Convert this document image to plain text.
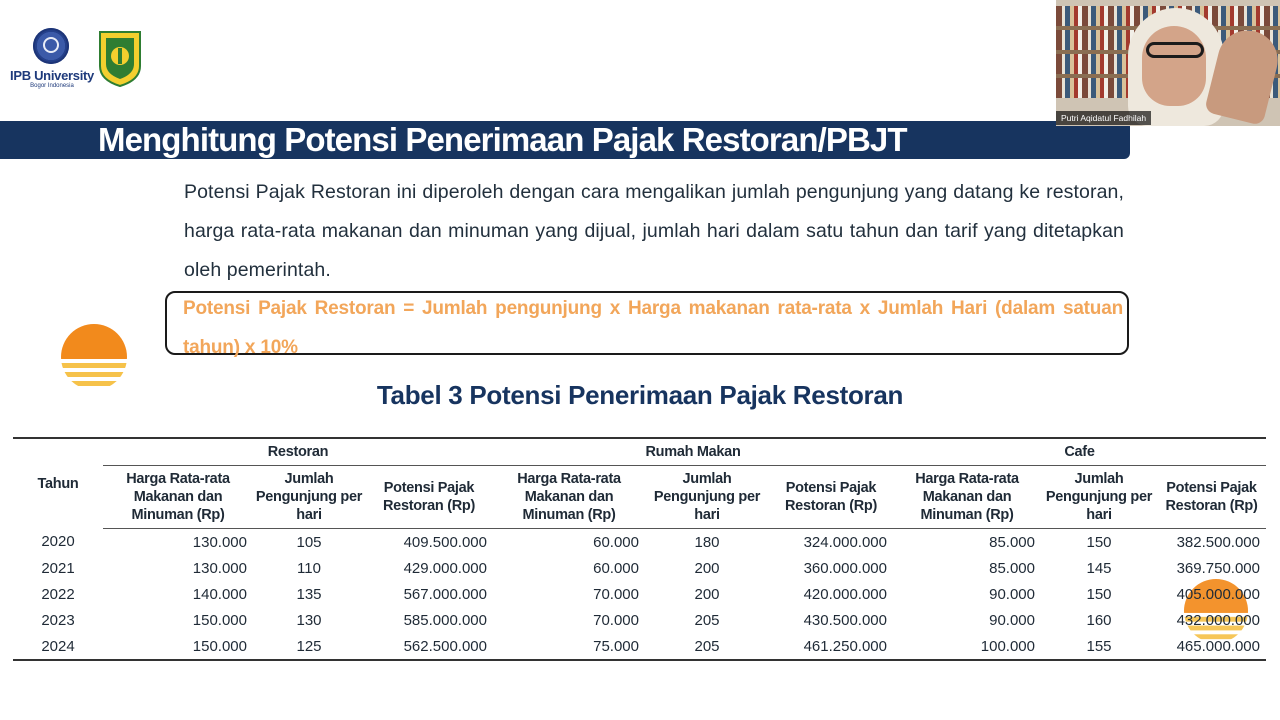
IPB University
Bogor Indonesia
Menghitung Potensi Penerimaan Pajak Restoran/PBJT
Potensi Pajak Restoran ini diperoleh dengan cara mengalikan jumlah pengunjung yang datang ke restoran, harga rata-rata makanan dan minuman yang dijual, jumlah hari dalam satu tahun dan tarif yang ditetapkan oleh pemerintah.
Potensi Pajak Restoran = Jumlah pengunjung x Harga makanan rata-rata x Jumlah Hari (dalam satuan tahun) x 10%
Tabel 3 Potensi Penerimaan Pajak Restoran
Tahun	Restoran			Rumah Makan			Cafe		
	Harga Rata-rata Makanan dan Minuman (Rp)	Jumlah Pengunjung per hari	Potensi Pajak Restoran (Rp)	Harga Rata-rata Makanan dan Minuman (Rp)	Jumlah Pengunjung per hari	Potensi Pajak Restoran (Rp)	Harga Rata-rata Makanan dan Minuman (Rp)	Jumlah Pengunjung per hari	Potensi Pajak Restoran (Rp)
2020	130.000	105	409.500.000	60.000	180	324.000.000	85.000	150	382.500.000
2021	130.000	110	429.000.000	60.000	200	360.000.000	85.000	145	369.750.000
2022	140.000	135	567.000.000	70.000	200	420.000.000	90.000	150	405.000.000
2023	150.000	130	585.000.000	70.000	205	430.500.000	90.000	160	432.000.000
2024	150.000	125	562.500.000	75.000	205	461.250.000	100.000	155	465.000.000
Putri Aqidatul Fadhilah
